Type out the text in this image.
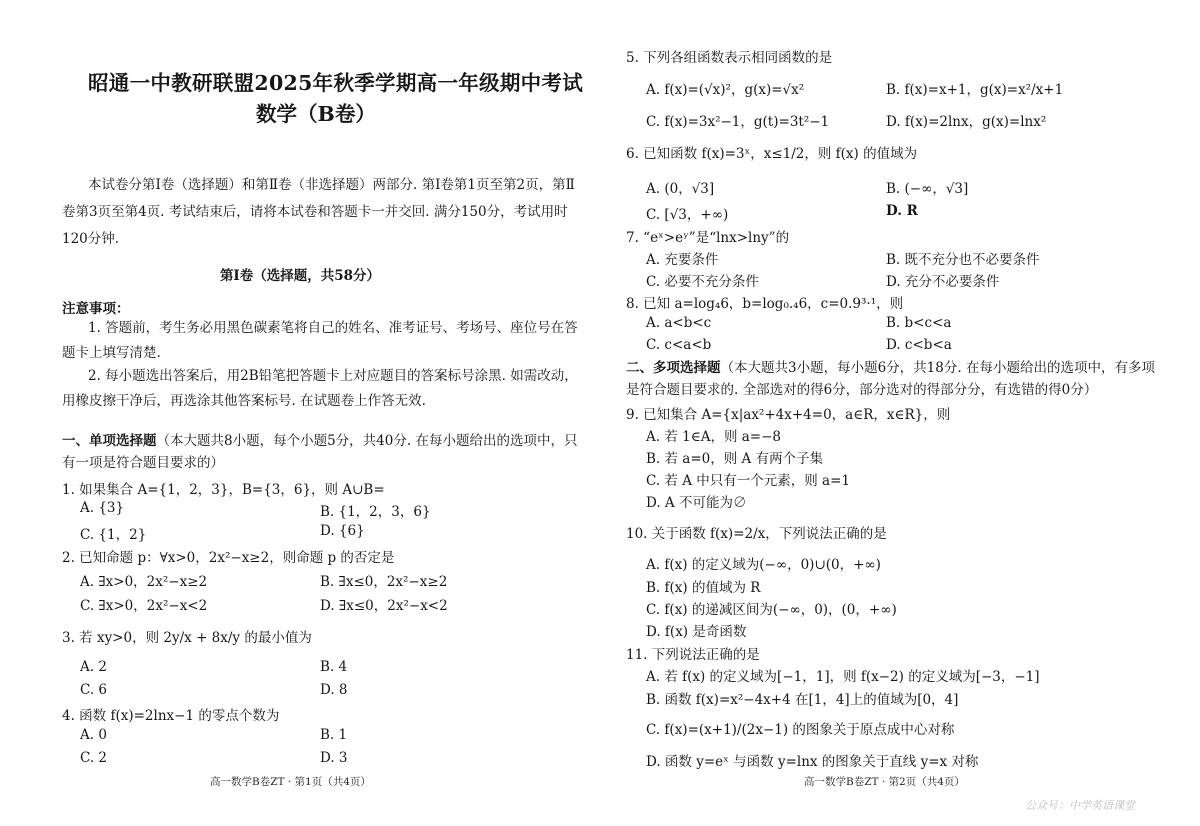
昭通一中教研联盟2025年秋季学期高一年级期中考试
数学（B卷）
本试卷分第Ⅰ卷（选择题）和第Ⅱ卷（非选择题）两部分. 第Ⅰ卷第1页至第2页，第Ⅱ卷第3页至第4页. 考试结束后，请将本试卷和答题卡一并交回. 满分150分，考试用时120分钟.
第Ⅰ卷（选择题，共58分）
注意事项：
1. 答题前，考生务必用黑色碳素笔将自己的姓名、准考证号、考场号、座位号在答题卡上填写清楚.
2. 每小题选出答案后，用2B铅笔把答题卡上对应题目的答案标号涂黑. 如需改动，用橡皮擦干净后，再选涂其他答案标号. 在试题卷上作答无效.
一、单项选择题（本大题共8小题，每个小题5分，共40分. 在每小题给出的选项中，只有一项是符合题目要求的）
1. 如果集合 A={1，2，3}，B={3，6}，则 A∪B=
A. {3}	B. {1，2，3，6}
C. {1，2}	D. {6}
2. 已知命题 p：∀x>0，2x²−x≥2，则命题 p 的否定是
A. ∃x>0，2x²−x≥2	B. ∃x≤0，2x²−x≥2
C. ∃x>0，2x²−x<2	D. ∃x≤0，2x²−x<2
3. 若 xy>0，则 2y/x + 8x/y 的最小值为
A. 2	B. 4
C. 6	D. 8
4. 函数 f(x)=2lnx−1 的零点个数为
A. 0	B. 1
C. 2	D. 3
高一数学B卷ZT · 第1页（共4页）
5. 下列各组函数表示相同函数的是
A. f(x)=(√x)²，g(x)=√x²	B. f(x)=x+1，g(x)=x²/x+1
C. f(x)=3x²−1，g(t)=3t²−1	D. f(x)=2lnx，g(x)=lnx²
6. 已知函数 f(x)=3ˣ，x≤1/2，则 f(x) 的值域为
A. (0，√3]	B. (−∞，√3]
C. [√3，+∞)	D. R
7. “eˣ>eʸ”是“lnx>lny”的
A. 充要条件	B. 既不充分也不必要条件
C. 必要不充分条件	D. 充分不必要条件
8. 已知 a=log₄6，b=log₀.₄6，c=0.9³·¹，则
A. a<b<c	B. b<c<a
C. c<a<b	D. c<b<a
二、多项选择题（本大题共3小题，每小题6分，共18分. 在每小题给出的选项中，有多项是符合题目要求的. 全部选对的得6分，部分选对的得部分分，有选错的得0分）
9. 已知集合 A={x|ax²+4x+4=0，a∈R，x∈R}，则
A. 若 1∈A，则 a=−8
B. 若 a=0，则 A 有两个子集
C. 若 A 中只有一个元素，则 a=1
D. A 不可能为∅
10. 关于函数 f(x)=2/x，下列说法正确的是
A. f(x) 的定义域为(−∞，0)∪(0，+∞)
B. f(x) 的值域为 R
C. f(x) 的递减区间为(−∞，0)，(0，+∞)
D. f(x) 是奇函数
11. 下列说法正确的是
A. 若 f(x) 的定义域为[−1，1]，则 f(x−2) 的定义域为[−3，−1]
B. 函数 f(x)=x²−4x+4 在[1，4]上的值域为[0，4]
C. f(x)=(x+1)/(2x−1) 的图象关于原点成中心对称
D. 函数 y=eˣ 与函数 y=lnx 的图象关于直线 y=x 对称
高一数学B卷ZT · 第2页（共4页）
公众号：中学英语课堂
